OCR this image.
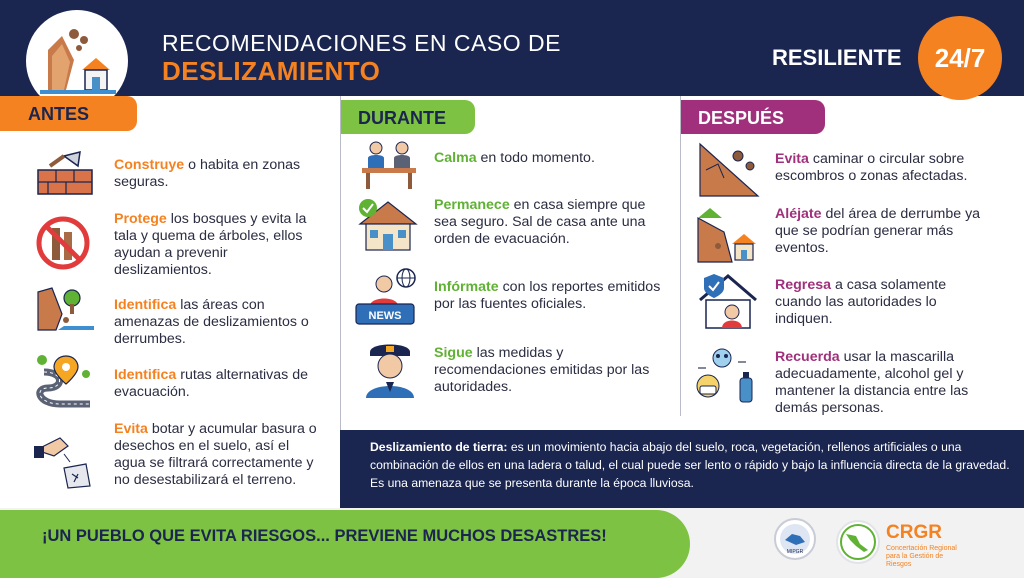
RECOMENDACIONES EN CASO DE
DESLIZAMIENTO	RESILIENTE	24/7
ANTES	DURANTE	DESPUÉS
Construye o habita en zonas seguras.
Protege los bosques y evita la tala y quema de árboles, ellos ayudan a prevenir deslizamientos.
Identifica las áreas con amenazas de deslizamientos o derrumbes.
Identifica rutas alternativas de evacuación.
Evita botar y acumular basura o desechos en el suelo, así el agua se filtrará correctamente y no desestabilizará el terreno.
Calma en todo momento.
Permanece en casa siempre que sea seguro. Sal de casa ante una orden de evacuación.
NEWS
Infórmate con los reportes emitidos por las fuentes oficiales.
Sigue las medidas y recomendaciones emitidas por las autoridades.
Evita caminar o circular sobre escombros o zonas afectadas.
Aléjate del área de derrumbe ya que se podrían generar más eventos.
Regresa a casa solamente cuando las autoridades lo indiquen.
Recuerda usar la mascarilla adecuadamente, alcohol gel y mantener la distancia entre las demás personas.
Deslizamiento de tierra: es un movimiento hacia abajo del suelo, roca, vegetación, rellenos artificiales o una combinación de ellos en una ladera o talud, el cual puede ser lento o rápido y bajo la influencia directa de la gravedad. Es una amenaza que se presenta durante la época lluviosa.
¡UN PUEBLO QUE EVITA RIESGOS... PREVIENE MUCHOS DESASTRES!
MIPGR
CRGR
Concertación Regional para la Gestión de Riesgos
